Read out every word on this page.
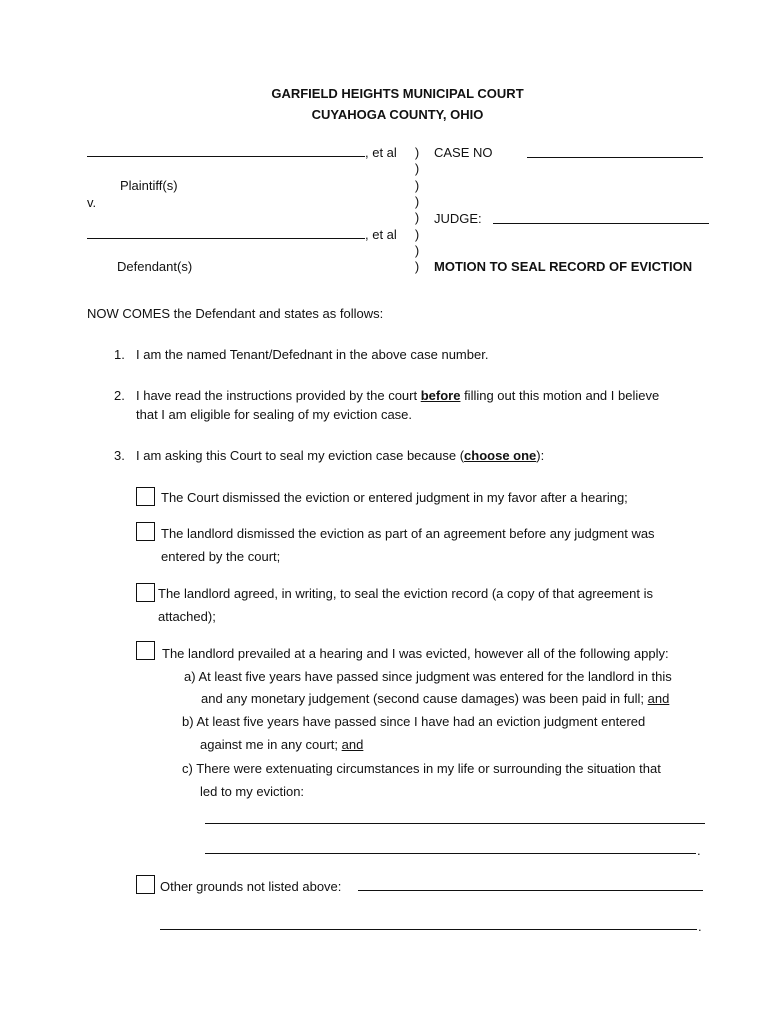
GARFIELD HEIGHTS MUNICIPAL COURT
CUYAHOGA COUNTY, OHIO
, et al
Plaintiff(s)
v.
, et al
Defendant(s)
)
)
)
)
)
)
)
)
CASE NO
JUDGE:
MOTION TO SEAL RECORD OF EVICTION
NOW COMES the Defendant and states as follows:
1. I am the named Tenant/Defednant in the above case number.
2. I have read the instructions provided by the court before filling out this motion and I believe
that I am eligible for sealing of my eviction case.
3. I am asking this Court to seal my eviction case because (choose one):
The Court dismissed the eviction or entered judgment in my favor after a hearing;
The landlord dismissed the eviction as part of an agreement before any judgment was
entered by the court;
The landlord agreed, in writing, to seal the eviction record (a copy of that agreement is
attached);
The landlord prevailed at a hearing and I was evicted, however all of the following apply:
a) At least five years have passed since judgment was entered for the landlord in this
and any monetary judgement (second cause damages) was been paid in full; and
b) At least five years have passed since I have had an eviction judgment entered
against me in any court; and
c) There were extenuating circumstances in my life or surrounding the situation that
led to my eviction:
.
Other grounds not listed above:
.
